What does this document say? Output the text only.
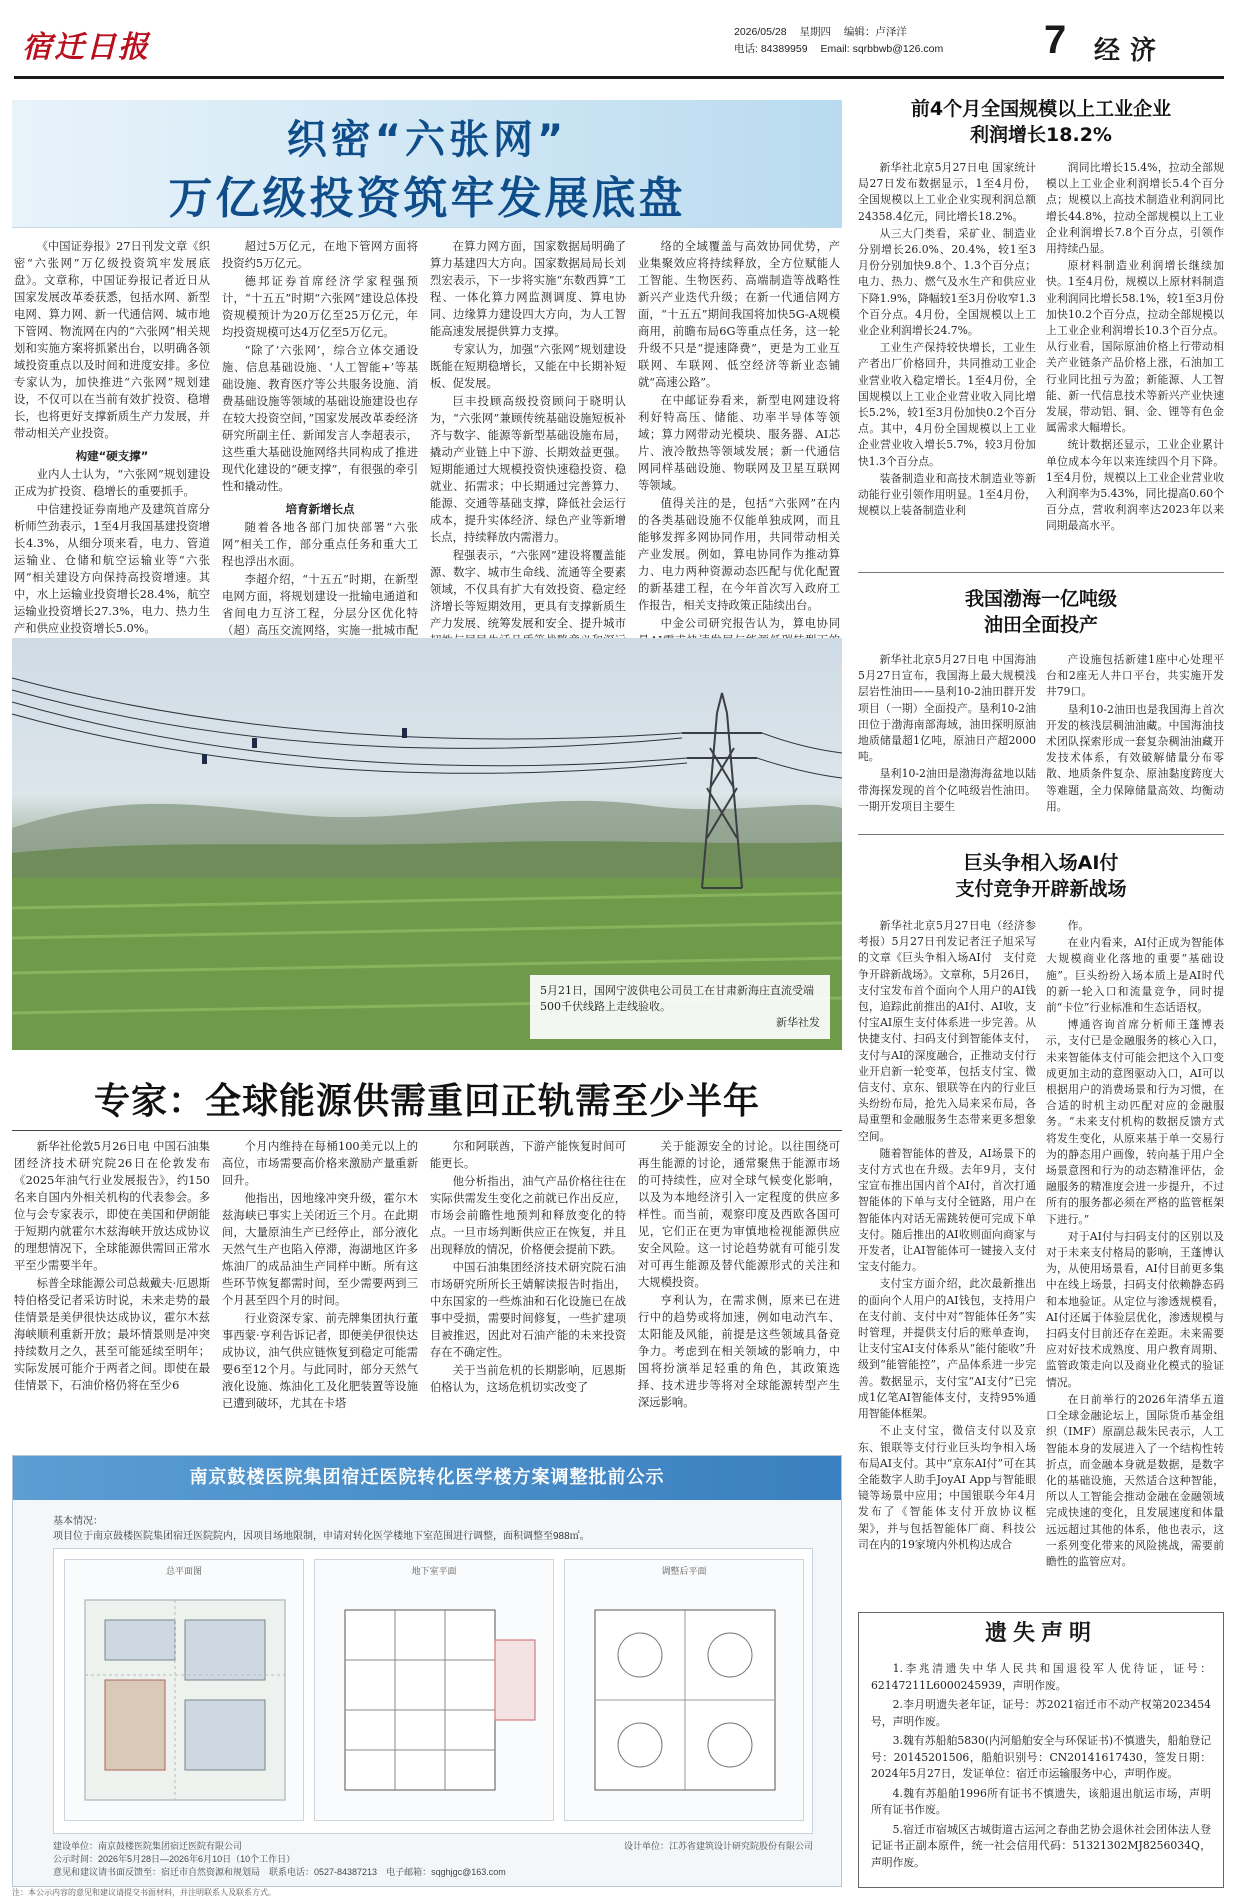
宿迁日报	2026/05/28 星期四 编辑：卢泽洋
电话: 84389959 Email: sqrbbwb@126.com	7 经济
织密“六张网”
万亿级投资筑牢发展底盘

《中国证券报》27日刊发文章《织密“六张网”万亿级投资筑牢发展底盘》。文章称，中国证券报记者近日从国家发展改革委获悉，包括水网、新型电网、算力网、新一代通信网、城市地下管网、物流网在内的“六张网”相关规划和实施方案将抓紧出台，以明确各领域投资重点以及时间和进度安排。多位专家认为，加快推进“六张网”规划建设，不仅可以在当前有效扩投资、稳增长，也将更好支撑新质生产力发展，并带动相关产业投资。

构建“硬支撑”

业内人士认为，“六张网”规划建设正成为扩投资、稳增长的重要抓手。

中信建投证券南地产及建筑首席分析师竺劲表示，1至4月我国基建投资增长4.3%，从细分项来看，电力、管道运输业、仓储和航空运输业等“六张网”相关建设方向保持高投资增速。其中，水上运输业投资增长28.4%，航空运输业投资增长27.3%，电力、热力生产和供应业投资增长5.0%。

超过5万亿元，在地下管网方面将投资约5万亿元。

德邦证券首席经济学家程强预计，“十五五”时期“六张网”建设总体投资规模预计为20万亿至25万亿元，年均投资规模可达4万亿至5万亿元。

“除了‘六张网’，综合立体交通设施、信息基础设施、‘人工智能+’等基础设施、教育医疗等公共服务设施、消费基础设施等领域的基础设施建设也存在较大投资空间，”国家发展改革委经济研究所副主任、新闻发言人李超表示，这些重大基础设施网络共同构成了推进现代化建设的“硬支撑”，有很强的牵引性和撬动性。

培育新增长点

随着各地各部门加快部署“六张网”相关工作，部分重点任务和重大工程也浮出水面。

李超介绍，“十五五”时期，在新型电网方面，将规划建设一批输电通道和省间电力互济工程，分层分区优化特（超）高压交流网络，实施一批城市配

在算力网方面，国家数据局明确了算力基建四大方向。国家数据局局长刘烈宏表示，下一步将实施“东数西算”工程、一体化算力网监测调度、算电协同、边缘算力建设四大方向，为人工智能高速发展提供算力支撑。

专家认为，加强“六张网”规划建设既能在短期稳增长，又能在中长期补短板、促发展。

巨丰投顾高级投资顾问于晓明认为，“六张网”兼顾传统基础设施短板补齐与数字、能源等新型基础设施布局，撬动产业链上中下游、长期效益更强。短期能通过大规模投资快速稳投资、稳就业、拓需求；中长期通过完善算力、能源、交通等基础支撑，降低社会运行成本，提升实体经济、绿色产业等新增长点，持续释放内需潜力。

程强表示，“六张网”建设将覆盖能源、数字、城市生命线、流通等全要素领域，不仅具有扩大有效投资、稳定经济增长等短期效用，更具有支撑新质生产力发展、统筹发展和安全、提升城市

络的全域覆盖与高效协同优势，产业集聚效应将持续释放，全方位赋能人工智能、生物医药、高端制造等战略性新兴产业迭代升级；在新一代通信网方面，“十五五”期间我国将加快5G-A规模商用，前瞻布局6G等重点任务，这一轮升级不只是“提速降费”，更是为工业互联网、车联网、低空经济等新业态铺就“高速公路”。

在中邮证券看来，新型电网建设将利好特高压、储能、功率半导体等领域；算力网带动光模块、服务器、AI芯片、液冷散热等领域发展；新一代通信网同样基础设施、物联网及卫星互联网等领域。

值得关注的是，包括“六张网”在内的各类基础设施不仅能单独成网，而且能够发挥多网协同作用，共同带动相关产业发展。例如，算电协同作为推动算力、电力两种资源动态匹配与优化配置的新基建工程，在今年首次写入政府工作报告，相关支持政策正陆续出台。

中金公司研究报告认为，算电协同

5月21日，国网宁波供电公司员工在甘肃新海庄直流受端500千伏线路上走线验收。
新华社发
专家：全球能源供需重回正轨需至少半年

新华社伦敦5月26日电 中国石油集团经济技术研究院26日在伦敦发布《2025年油气行业发展报告》，约150名来自国内外相关机构的代表参会。多位与会专家表示，即使在美国和伊朗能于短期内就霍尔木兹海峡开放达成协议的理想情况下，全球能源供需回正常水平至少需要半年。

标普全球能源公司总裁戴夫·厄恩斯特伯格受记者采访时说，未来走势的最佳情景是美伊很快达成协议，霍尔木兹海峡顺利重新开放；最坏情景则是冲突持续数月之久，甚至可能延续至明年；实际发展可能介于两者之间。即使在最佳情景下，石油价格仍将在至少6

个月内维持在每桶100美元以上的高位，市场需要高价格来激励产量重新回升。

他指出，因地缘冲突升级，霍尔木兹海峡已事实上关闭近三个月。在此期间，大量原油生产已经停止，部分液化天然气生产也陷入停滞，海湖地区许多炼油厂的成品油生产同样中断。所有这些环节恢复都需时间，至少需要两到三个月甚至四个月的时间。

行业资深专家、前壳牌集团执行董事西蒙·亨利告诉记者，即便美伊很快达成协议，油气供应链恢复到稳定可能需要6至12个月。与此同时，部分天然气液化设施、炼油化工及化肥装置等设施已遭到破坏，尤其在卡塔

尔和阿联酋，下游产能恢复时间可能更长。

他分析指出，油气产品价格往往在实际供需发生变化之前就已作出反应，市场会前瞻性地预判和释放变化的特点。一旦市场判断供应正在恢复，并且出现释放的情况，价格便会提前下跌。

中国石油集团经济技术研究院石油市场研究所所长王婧解读报告时指出，中东国家的一些炼油和石化设施已在战事中受损，需要时间修复，一些扩建项目被推迟，因此对石油产能的未来投资存在不确定性。

关于当前危机的长期影响，厄恩斯伯格认为，这场危机切实改变了

关于能源安全的讨论。以往围绕可再生能源的讨论，通常聚焦于能源市场的可持续性，应对全球气候变化影响，以及为本地经济引入一定程度的供应多样性。而当前，观察印度及西欧各国可见，它们正在更为审慎地检视能源供应安全风险。这一讨论趋势就有可能引发对可再生能源及替代能源形式的关注和大规模投资。

亨利认为，在需求侧，原来已在进行中的趋势或将加速，例如电动汽车、太阳能及风能，前提是这些领域具备竞争力。考虑到在相关领域的影响力，中国将扮演举足轻重的角色，其政策选择、技术进步等将对全球能源转型产生深远影响。

南京鼓楼医院集团宿迁医院转化医学楼方案调整批前公示
基本情况：
项目位于南京鼓楼医院集团宿迁医院院内，因项目场地限制，申请对转化医学楼地下室范围进行调整，面积调整至988㎡。
总平面图	地下室平面	调整后平面
建设单位：南京鼓楼医院集团宿迁医院有限公司	设计单位：江苏省建筑设计研究院股份有限公司
公示时间：2026年5月28日—2026年6月10日（10个工作日）
意见和建议请书面反馈至：宿迁市自然资源和规划局　联系电话：0527-84387213　电子邮箱：sqghjgc@163.com
注：本公示内容的意见和建议请提交书面材料，并注明联系人及联系方式。
前4个月全国规模以上工业企业
利润增长18.2%

新华社北京5月27日电 国家统计局27日发布数据显示，1至4月份，全国规模以上工业企业实现利润总额24358.4亿元，同比增长18.2%。

从三大门类看，采矿业、制造业分别增长26.0%、20.4%，较1至3月份分别加快9.8个、1.3个百分点；电力、热力、燃气及水生产和供应业下降1.9%，降幅较1至3月份收窄1.3个百分点。4月份，全国规模以上工业企业利润增长24.7%。

工业生产保持较快增长，工业生产者出厂价格回升，共同推动工业企业营业收入稳定增长。1至4月份，全国规模以上工业企业营业收入同比增长5.2%，较1至3月份加快0.2个百分点。其中，4月份全国规模以上工业企业营业收入增长5.7%，较3月份加快1.3个百分点。

装备制造业和高技术制造业等新动能行业引领作用明显。1至4月份，规模以上装备制造业利

润同比增长15.4%，拉动全部规模以上工业企业利润增长5.4个百分点；规模以上高技术制造业利润同比增长44.8%，拉动全部规模以上工业企业利润增长7.8个百分点，引领作用持续凸显。

原材料制造业利润增长继续加快。1至4月份，规模以上原材料制造业利润同比增长58.1%，较1至3月份加快10.2个百分点，拉动全部规模以上工业企业利润增长10.3个百分点。从行业看，国际原油价格上行带动相关产业链条产品价格上涨，石油加工行业同比扭亏为盈；新能源、人工智能、新一代信息技术等新兴产业快速发展，带动铝、铜、金、锂等有色金属需求大幅增长。

统计数据还显示，工业企业累计单位成本今年以来连续四个月下降。1至4月份，规模以上工业企业营业收入利润率为5.43%，同比提高0.60个百分点，营收利润率达2023年以来同期最高水平。

我国渤海一亿吨级
油田全面投产

新华社北京5月27日电 中国海油5月27日宣布，我国海上最大规模浅层岩性油田——垦利10-2油田群开发项目（一期）全面投产。垦利10-2油田位于渤海南部海域，油田探明原油地质储量超1亿吨，原油日产超2000吨。

垦利10-2油田是渤海海盆地以陆带海探发现的首个亿吨级岩性油田。一期开发项目主要生

产设施包括新建1座中心处理平台和2座无人井口平台，共实施开发井79口。

垦利10-2油田也是我国海上首次开发的核浅层稠油油藏。中国海油技术团队探索形成一套复杂稠油油藏开发技术体系，有效破解储量分布零散、地质条件复杂、原油黏度跨度大等难题，全力保障储量高效、均衡动用。

巨头争相入场AI付
支付竞争开辟新战场

新华社北京5月27日电（经济参考报）5月27日刊发记者汪子旭采写的文章《巨头争相入场AI付　支付竞争开辟新战场》。文章称，5月26日，支付宝发布首个面向个人用户的AI钱包，追踪此前推出的AI付、AI收，支付宝AI原生支付体系进一步完善。从快捷支付、扫码支付到智能体支付，支付与AI的深度融合，正推动支付行业开启新一轮变革，包括支付宝、微信支付、京东、银联等在内的行业巨头纷纷布局，抢先入局来采布局，各局重塑和金融服务生态带来更多想象空间。

随着智能体的普及，AI场景下的支付方式也在升级。去年9月，支付宝宣布推出国内首个AI付，首次打通智能体的下单与支付全链路，用户在智能体内对话无需跳转便可完成下单支付。随后推出的AI收则面向商家与开发者，让AI智能体可一键接入支付宝支付能力。

支付宝方面介绍，此次最新推出的面向个人用户的AI钱包，支持用户在支付前、支付中对“智能体任务”实时管理，并提供支付后的账单查询，让支付宝AI支付体系从“能付能收”升级到“能管能控”，产品体系进一步完善。数据显示，支付宝“AI支付”已完成1亿笔AI智能体支付，支持95%通用智能体框架。

不止支付宝，微信支付以及京东、银联等支付行业巨头均争相入场布局AI支付。其中“京东AI付”可在其全能数字人助手JoyAI App与智能眼镜等场景中应用；中国银联今年4月发布了《智能体支付开放协议框架》，并与包括智能体厂商、科技公司在内的19家境内外机构达成合

作。

在业内看来，AI付正成为智能体大规模商业化落地的重要“基础设施”。巨头纷纷入场本质上是AI时代的新一轮入口和流量竞争，同时提前“卡位”行业标准和生态话语权。

博通咨询首席分析师王蓬博表示，支付已是金融服务的核心入口，未来智能体支付可能会把这个入口变成更加主动的意图驱动入口，AI可以根据用户的消费场景和行为习惯，在合适的时机主动匹配对应的金融服务。“未来支付机构的数据反馈方式将发生变化，从原来基于单一交易行为的静态用户画像，转向基于用户全场景意图和行为的动态精准评估，金融服务的精准度会进一步提升，不过所有的服务都必须在严格的监管框架下进行。”

对于AI付与扫码支付的区别以及对于未来支付格局的影响，王蓬博认为，从使用场景看，AI付目前更多集中在线上场景，扫码支付依赖静态码和本地验证。从定位与渗透规模看，AI付还属于体验层优化，渗透规模与扫码支付目前还存在差距。未来需要应对好技术成熟度、用户教育周期、监管政策走向以及商业化模式的验证情况。

在日前举行的2026年清华五道口全球金融论坛上，国际货币基金组织（IMF）原副总裁朱民表示，人工智能本身的发展进入了一个结构性转折点，而金融本身就是数据，是数字化的基础设施，天然适合这种智能，所以人工智能会推动金融在金融领域完成快速的变化，且发展速度和体量远远超过其他的体系，他也表示，这一系列变化带来的风险挑战，需要前瞻性的监管应对。

遗失声明

1.李兆清遗失中华人民共和国退役军人优待证，证号：62147211L6000245939，声明作废。

2.李月明遗失老年证，证号：苏2021宿迁市不动产权第2023454号，声明作废。

3.魏有苏船舶5830(内河船舶安全与环保证书)不慎遗失，船舶登记号：20145201506，船舶识别号：CN20141617430，签发日期：2024年5月27日，发证单位：宿迁市运输服务中心，声明作废。

4.魏有苏船舶1996所有证书不慎遗失，该船退出航运市场，声明所有证书作废。

5.宿迁市宿城区古城街道古运河之春曲艺协会退休社会团体法人登记证书正副本原件，统一社会信用代码：51321302MJ8256034Q，声明作废。
